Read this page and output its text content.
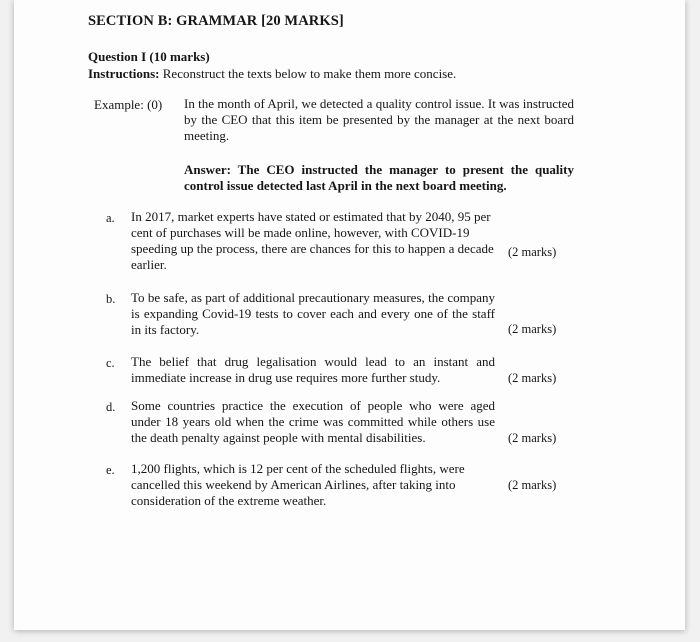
SECTION B: GRAMMAR [20 MARKS]
Question I (10 marks)
Instructions: Reconstruct the texts below to make them more concise.
Example: (0) In the month of April, we detected a quality control issue. It was instructed by the CEO that this item be presented by the manager at the next board meeting.
Answer: The CEO instructed the manager to present the quality control issue detected last April in the next board meeting.
a. In 2017, market experts have stated or estimated that by 2040, 95 per cent of purchases will be made online, however, with COVID-19 speeding up the process, there are chances for this to happen a decade earlier.
(2 marks)
b. To be safe, as part of additional precautionary measures, the company is expanding Covid-19 tests to cover each and every one of the staff in its factory.	(2 marks)
c. The belief that drug legalisation would lead to an instant and immediate increase in drug use requires more further study.	(2 marks)
d. Some countries practice the execution of people who were aged under 18 years old when the crime was committed while others use the death penalty against people with mental disabilities.	(2 marks)
e. 1,200 flights, which is 12 per cent of the scheduled flights, were cancelled this weekend by American Airlines, after taking into consideration of the extreme weather.
(2 marks)
